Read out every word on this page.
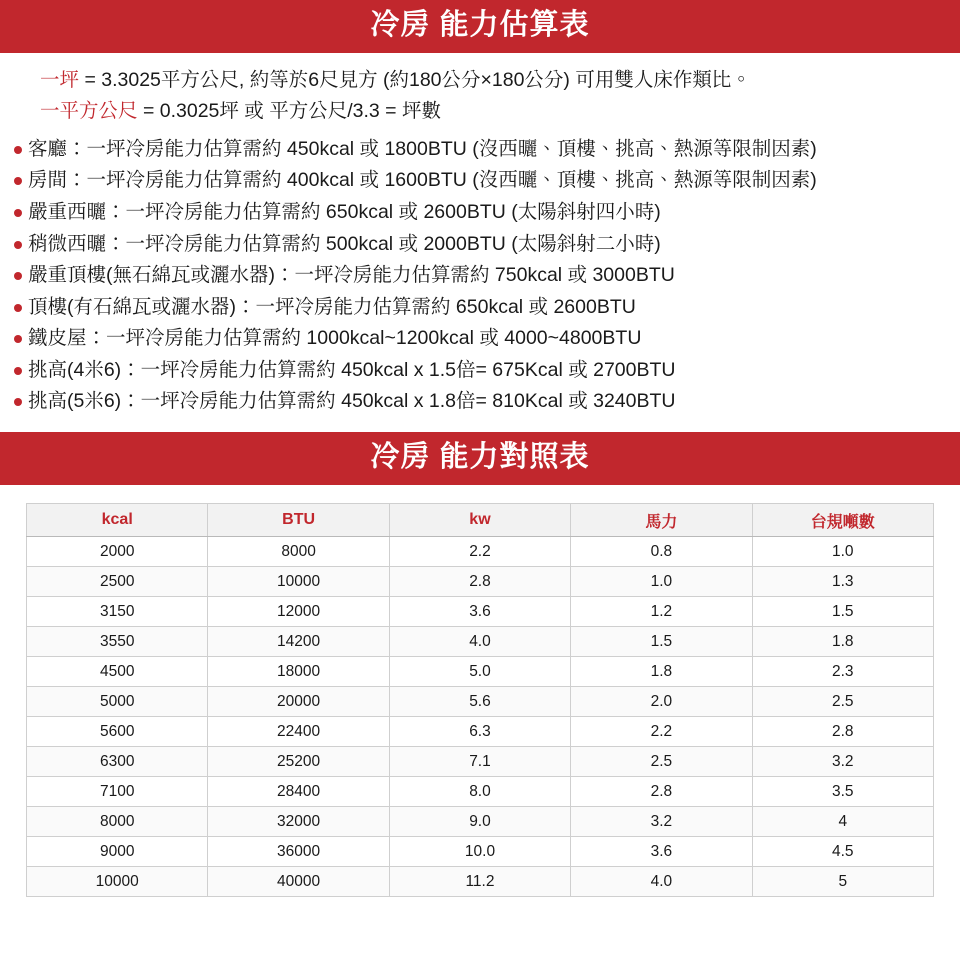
冷房 能力估算表
一坪 = 3.3025平方公尺, 約等於6尺見方 (約180公分×180公分) 可用雙人床作類比。
一平方公尺 = 0.3025坪 或 平方公尺/3.3 = 坪數
客廳：一坪冷房能力估算需約 450kcal 或 1800BTU (沒西曬、頂樓、挑高、熱源等限制因素)
房間：一坪冷房能力估算需約 400kcal 或 1600BTU (沒西曬、頂樓、挑高、熱源等限制因素)
嚴重西曬：一坪冷房能力估算需約 650kcal 或 2600BTU (太陽斜射四小時)
稍微西曬：一坪冷房能力估算需約 500kcal 或 2000BTU (太陽斜射二小時)
嚴重頂樓(無石綿瓦或灑水器)：一坪冷房能力估算需約 750kcal 或 3000BTU
頂樓(有石綿瓦或灑水器)：一坪冷房能力估算需約 650kcal 或 2600BTU
鐵皮屋：一坪冷房能力估算需約 1000kcal~1200kcal 或 4000~4800BTU
挑高(4米6)：一坪冷房能力估算需約 450kcal x 1.5倍= 675Kcal 或 2700BTU
挑高(5米6)：一坪冷房能力估算需約 450kcal x 1.8倍= 810Kcal 或 3240BTU
冷房 能力對照表
kcal	BTU	kw	馬力	台規噸數
2000	8000	2.2	0.8	1.0
2500	10000	2.8	1.0	1.3
3150	12000	3.6	1.2	1.5
3550	14200	4.0	1.5	1.8
4500	18000	5.0	1.8	2.3
5000	20000	5.6	2.0	2.5
5600	22400	6.3	2.2	2.8
6300	25200	7.1	2.5	3.2
7100	28400	8.0	2.8	3.5
8000	32000	9.0	3.2	4
9000	36000	10.0	3.6	4.5
10000	40000	11.2	4.0	5
